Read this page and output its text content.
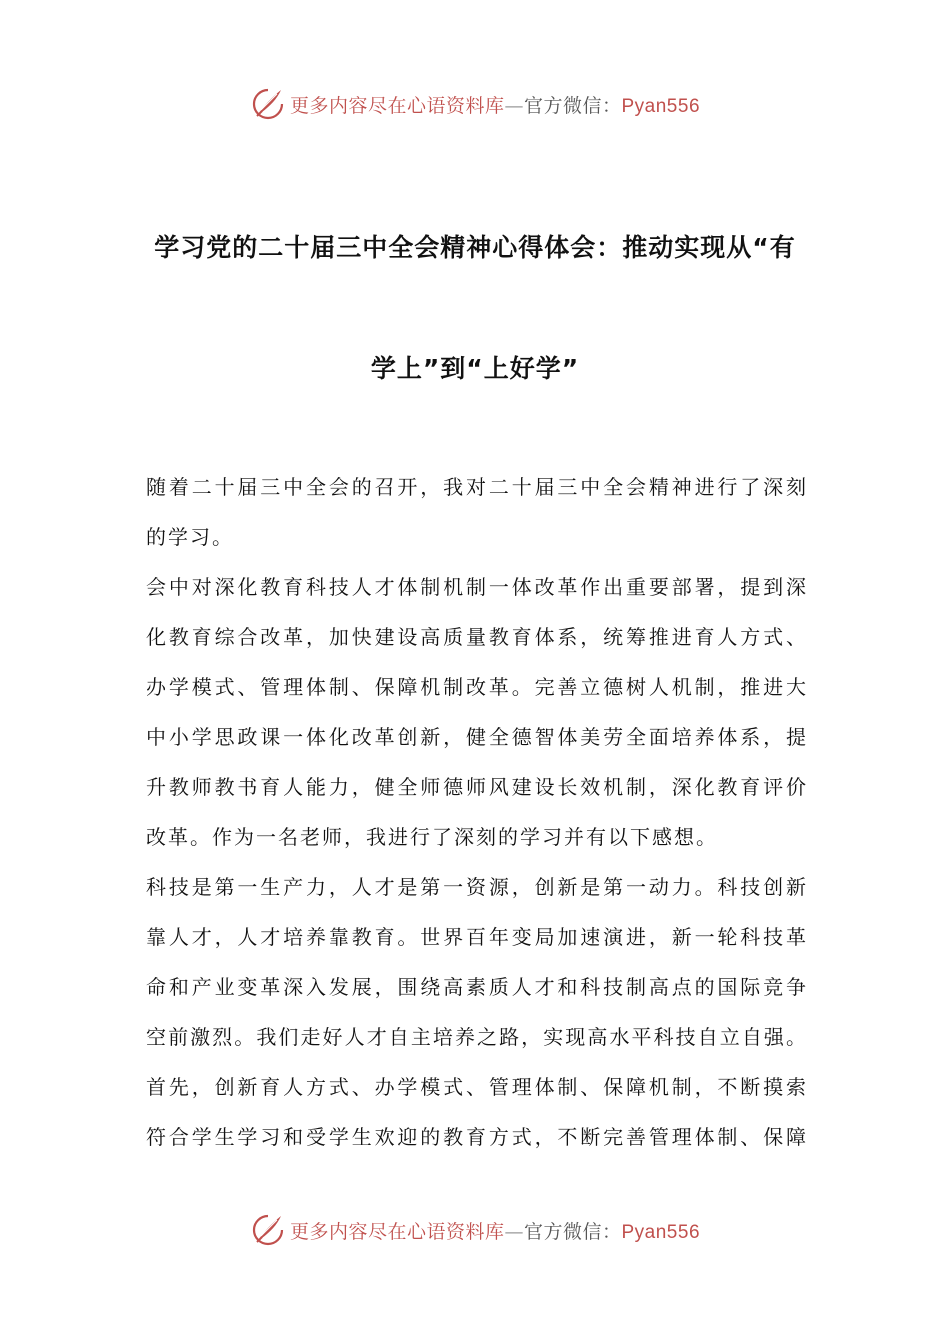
更多内容尽在心语资料库—官方微信：Pyan556
学习党的二十届三中全会精神心得体会：推动实现从“有
学上”到“上好学”
随着二十届三中全会的召开，我对二十届三中全会精神进行了深刻
的学习。
会中对深化教育科技人才体制机制一体改革作出重要部署，提到深
化教育综合改革，加快建设高质量教育体系，统筹推进育人方式、
办学模式、管理体制、保障机制改革。完善立德树人机制，推进大
中小学思政课一体化改革创新，健全德智体美劳全面培养体系，提
升教师教书育人能力，健全师德师风建设长效机制，深化教育评价
改革。作为一名老师，我进行了深刻的学习并有以下感想。
科技是第一生产力，人才是第一资源，创新是第一动力。科技创新
靠人才，人才培养靠教育。世界百年变局加速演进，新一轮科技革
命和产业变革深入发展，围绕高素质人才和科技制高点的国际竞争
空前激烈。我们走好人才自主培养之路，实现高水平科技自立自强。
首先，创新育人方式、办学模式、管理体制、保障机制，不断摸索
符合学生学习和受学生欢迎的教育方式，不断完善管理体制、保障
更多内容尽在心语资料库—官方微信：Pyan556
